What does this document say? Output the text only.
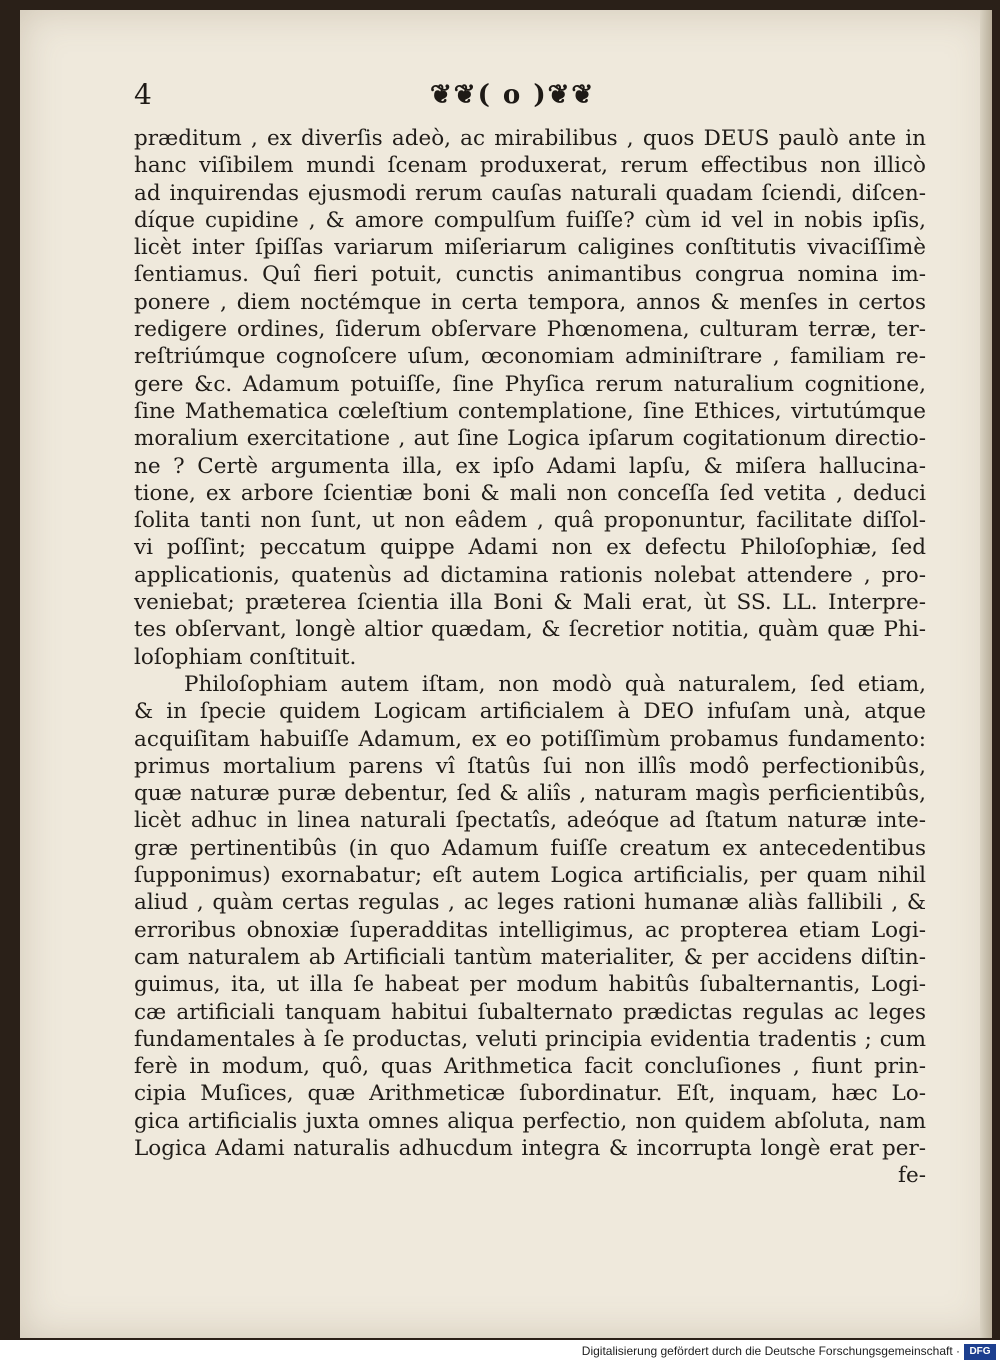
4	❦❦( o )❦❦
prædi​tum , ex diverſis adeò, ac mirabilibus , quos DEUS paulò ante in
hanc viſibilem mundi ſcenam produxerat, rerum effectibus non illicò
ad inquirendas ejusmodi rerum cauſas naturali quadam ſciendi, diſcen-
díque cupidine , & amore compulſum fuiſſe? cùm id vel in nobis ipſis,
licèt inter ſpiſſas variarum miſeriarum caligines conſtitutis vivaciſſimè
ſentiamus. Quî fieri potuit, cunctis animantibus congrua nomina im-
ponere , diem noctémque in certa tempora, annos & menſes in certos
redigere ordines, ſiderum obſervare Phœnomena, culturam terræ, ter-
reſtriúmque cognoſcere uſum, œconomiam adminiſtrare , familiam re-
gere &c. Adamum potuiſſe, ſine Phyſica rerum naturalium cognitione,
ſine Mathematica cœleſtium contemplatione, ſine Ethices, virtutúmque
moralium exercitatione , aut ſine Logica ipſarum cogitationum directio-
ne ? Certè argumenta illa, ex ipſo Adami lapſu, & miſera hallucina-
tione, ex arbore ſcientiæ boni & mali non conceſſa ſed vetita , deduci
ſolita tanti non ſunt, ut non eâdem , quâ proponuntur, facilitate diſſol-
vi poſſint; peccatum quippe Adami non ex defectu Philoſophiæ, ſed
applicationis, quatenùs ad dictamina rationis nolebat attendere , pro-
veniebat; præterea ſcientia illa Boni & Mali erat, ùt SS. LL. Interpre-
tes obſervant, longè altior quædam, & ſecretior notitia, quàm quæ Phi-
loſophiam conſtituit.
Philoſophiam autem iſtam, non modò quà naturalem, ſed etiam,
& in ſpecie quidem Logicam artificialem à DEO infuſam unà, atque
acquiſitam habuiſſe Adamum, ex eo potiſſimùm probamus fundamento:
primus mortalium parens vî ſtatûs ſui non illîs modô perfectionibûs,
quæ naturæ puræ debentur, ſed & aliîs , naturam magìs perficientibûs,
licèt adhuc in linea naturali ſpectatîs, adeóque ad ſtatum naturæ inte-
græ pertinentibûs (in quo Adamum fuiſſe creatum ex antecedentibus
ſupponimus) exornabatur; eſt autem Logica artificialis, per quam nihil
aliud , quàm certas regulas , ac leges rationi humanæ aliàs fallibili , &
erroribus obnoxiæ ſuperadditas intelligimus, ac propterea etiam Logi-
cam naturalem ab Artificiali tantùm materialiter, & per accidens diſtin-
guimus, ita, ut illa ſe habeat per modum habitûs ſubalternantis, Logi-
cæ artificiali tanquam habitui ſubalternato prædictas regulas ac leges
fundamentales à ſe productas, veluti principia evidentia tradentis ; cum
ferè in modum, quô, quas Arithmetica facit concluſiones , fiunt prin-
cipia Muſices, quæ Arithmeticæ ſubordinatur. Eſt, inquam, hæc Lo-
gica artificialis juxta omnes aliqua perfectio, non quidem abſoluta, nam
Logica Adami naturalis adhucdum integra & incorrupta longè erat per-
fe-
Digitalisierung gefördert durch die Deutsche Forschungsgemeinschaft · DFG
